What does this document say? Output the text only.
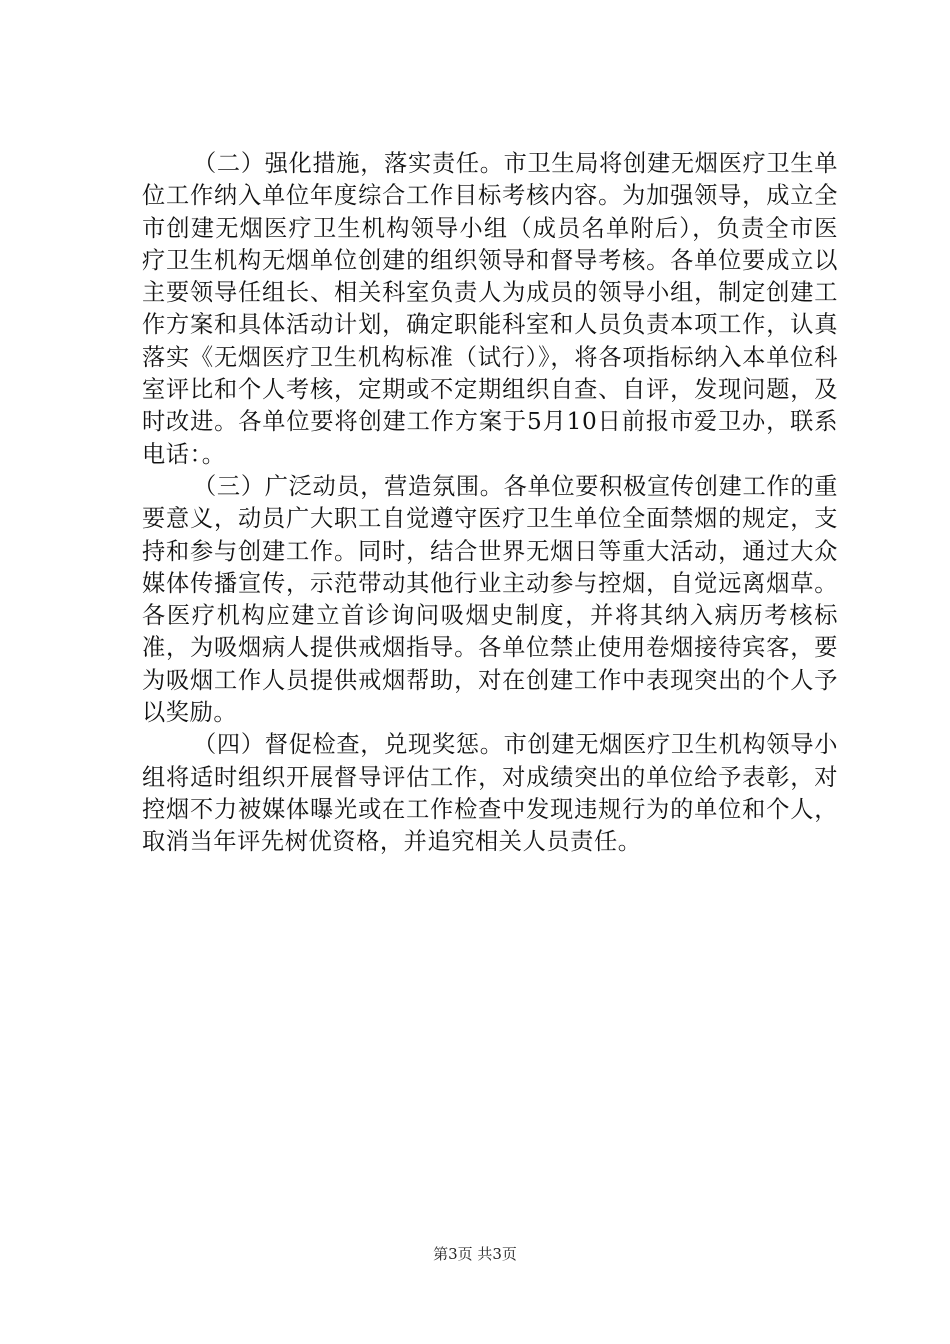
（二）强化措施，落实责任。市卫生局将创建无烟医疗卫生单位工作纳入单位年度综合工作目标考核内容。为加强领导，成立全市创建无烟医疗卫生机构领导小组（成员名单附后），负责全市医疗卫生机构无烟单位创建的组织领导和督导考核。各单位要成立以主要领导任组长、相关科室负责人为成员的领导小组，制定创建工作方案和具体活动计划，确定职能科室和人员负责本项工作，认真落实《无烟医疗卫生机构标准（试行）》，将各项指标纳入本单位科室评比和个人考核，定期或不定期组织自查、自评，发现问题，及时改进。各单位要将创建工作方案于5月10日前报市爱卫办，联系电话：。

（三）广泛动员，营造氛围。各单位要积极宣传创建工作的重要意义，动员广大职工自觉遵守医疗卫生单位全面禁烟的规定，支持和参与创建工作。同时，结合世界无烟日等重大活动，通过大众媒体传播宣传，示范带动其他行业主动参与控烟，自觉远离烟草。各医疗机构应建立首诊询问吸烟史制度，并将其纳入病历考核标准，为吸烟病人提供戒烟指导。各单位禁止使用卷烟接待宾客，要为吸烟工作人员提供戒烟帮助，对在创建工作中表现突出的个人予以奖励。

（四）督促检查，兑现奖惩。市创建无烟医疗卫生机构领导小组将适时组织开展督导评估工作，对成绩突出的单位给予表彰，对控烟不力被媒体曝光或在工作检查中发现违规行为的单位和个人，取消当年评先树优资格，并追究相关人员责任。

第3页 共3页
